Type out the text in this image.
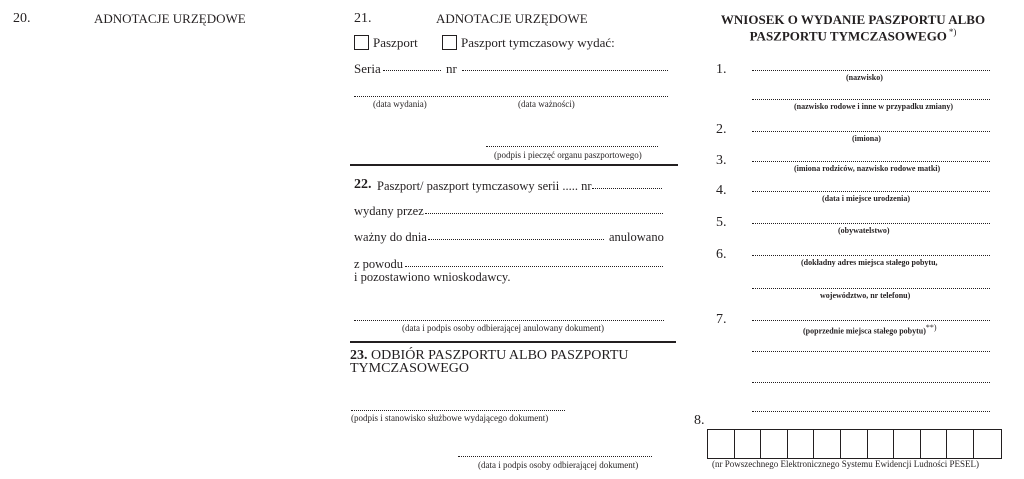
20.	ADNOTACJE URZĘDOWE	21.	ADNOTACJE URZĘDOWE
Paszport	Paszport tymczasowy wydać:
Seria	nr
(data wydania)	(data ważności)
(podpis i pieczęć organu paszportowego)
22. Paszport/ paszport tymczasowy serii ..... nr
wydany przez
ważny do dnia	anulowano
z powodu
i pozostawiono wnioskodawcy.
(data i podpis osoby odbierającej anulowany dokument)
23. ODBIÓR PASZPORTU ALBO PASZPORTU
TYMCZASOWEGO
(podpis i stanowisko służbowe wydającego dokument)
(data i podpis osoby odbierającej dokument)
WNIOSEK O WYDANIE PASZPORTU ALBO
PASZPORTU TYMCZASOWEGO *)
1.
(nazwisko)
(nazwisko rodowe i inne w przypadku zmiany)
2.
(imiona)
3.
(imiona rodziców, nazwisko rodowe matki)
4.
(data i miejsce urodzenia)
5.
(obywatelstwo)
6.
(dokładny adres miejsca stałego pobytu,
województwo, nr telefonu)
7.
(poprzednie miejsca stałego pobytu)**)
8.
(nr Powszechnego Elektronicznego Systemu Ewidencji Ludności PESEL)
